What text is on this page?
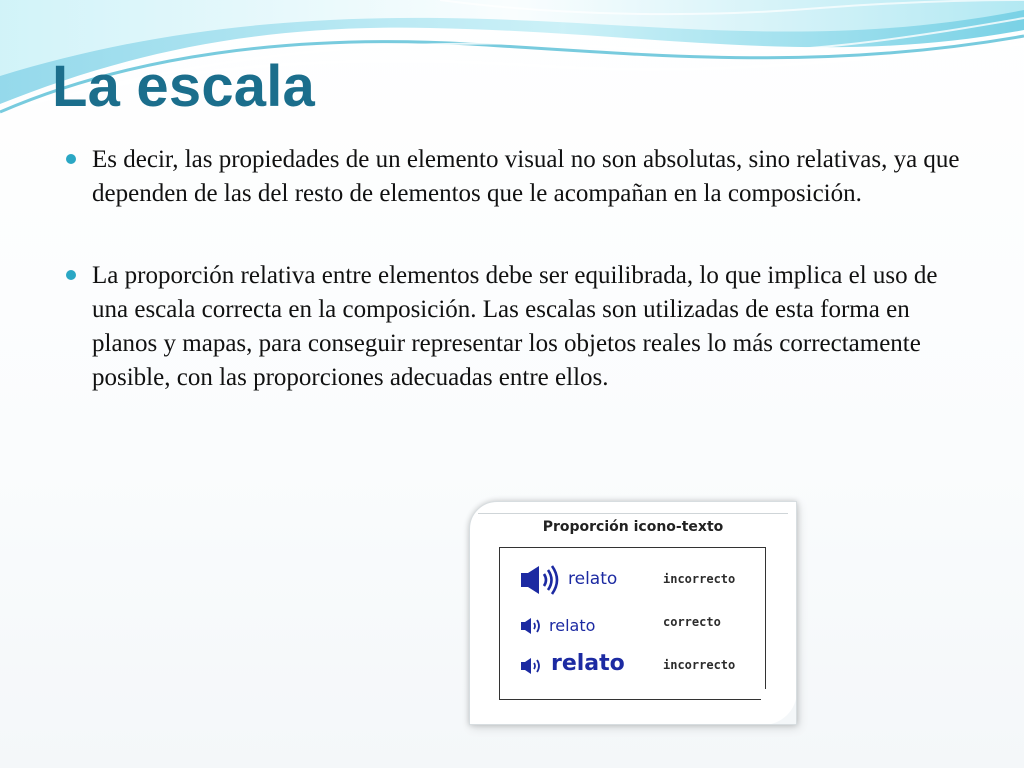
La escala
Es decir, las propiedades de un elemento visual no son absolutas, sino relativas, ya que dependen de las del resto de elementos que le acompañan en la composición.
La proporción relativa entre elementos debe ser equilibrada, lo que implica el uso de una escala correcta en la composición. Las escalas son utilizadas de esta forma en planos y mapas, para conseguir representar los objetos reales lo más correctamente posible, con las proporciones adecuadas entre ellos.
Proporción icono-texto
relato	incorrecto
relato	correcto
relato	incorrecto
